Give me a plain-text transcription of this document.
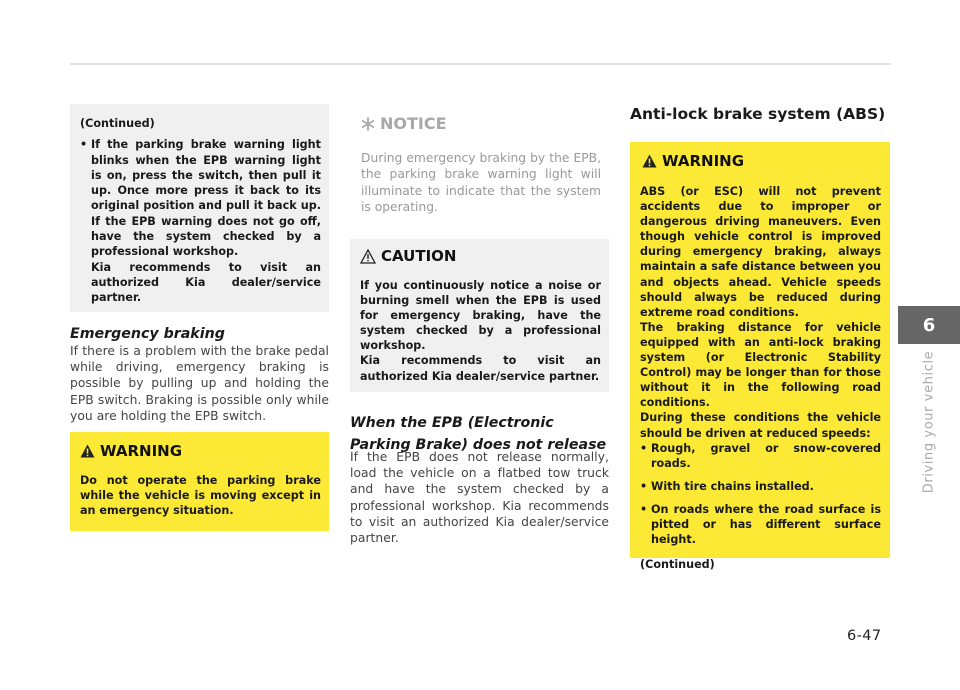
(Continued)
• If the parking brake warning light blinks when the EPB warning light is on, press the switch, then pull it up. Once more press it back to its original position and pull it back up. If the EPB warning does not go off, have the system checked by a professional workshop.
Kia recommends to visit an authorized Kia dealer/service partner.
Emergency braking
If there is a problem with the brake pedal while driving, emergency braking is possible by pulling up and holding the EPB switch. Braking is possible only while you are holding the EPB switch.
WARNING
Do not operate the parking brake while the vehicle is moving except in an emergency situation.
NOTICE
During emergency braking by the EPB, the parking brake warning light will illuminate to indicate that the system is operating.
CAUTION
If you continuously notice a noise or burning smell when the EPB is used for emergency braking, have the system checked by a professional workshop.
Kia recommends to visit an authorized Kia dealer/service partner.
When the EPB (Electronic Parking Brake) does not release
If the EPB does not release normally, load the vehicle on a flatbed tow truck and have the system checked by a professional workshop. Kia recommends to visit an authorized Kia dealer/service partner.
Anti-lock brake system (ABS)
WARNING
ABS (or ESC) will not prevent accidents due to improper or dangerous driving maneuvers. Even though vehicle control is improved during emergency braking, always maintain a safe distance between you and objects ahead. Vehicle speeds should always be reduced during extreme road conditions.
The braking distance for vehicle equipped with an anti-lock braking system (or Electronic Stability Control) may be longer than for those without it in the following road conditions.
During these conditions the vehicle should be driven at reduced speeds:
• Rough, gravel or snow-covered roads.
• With tire chains installed.
• On roads where the road surface is pitted or has different surface height.
(Continued)
6
Driving your vehicle
6-47
